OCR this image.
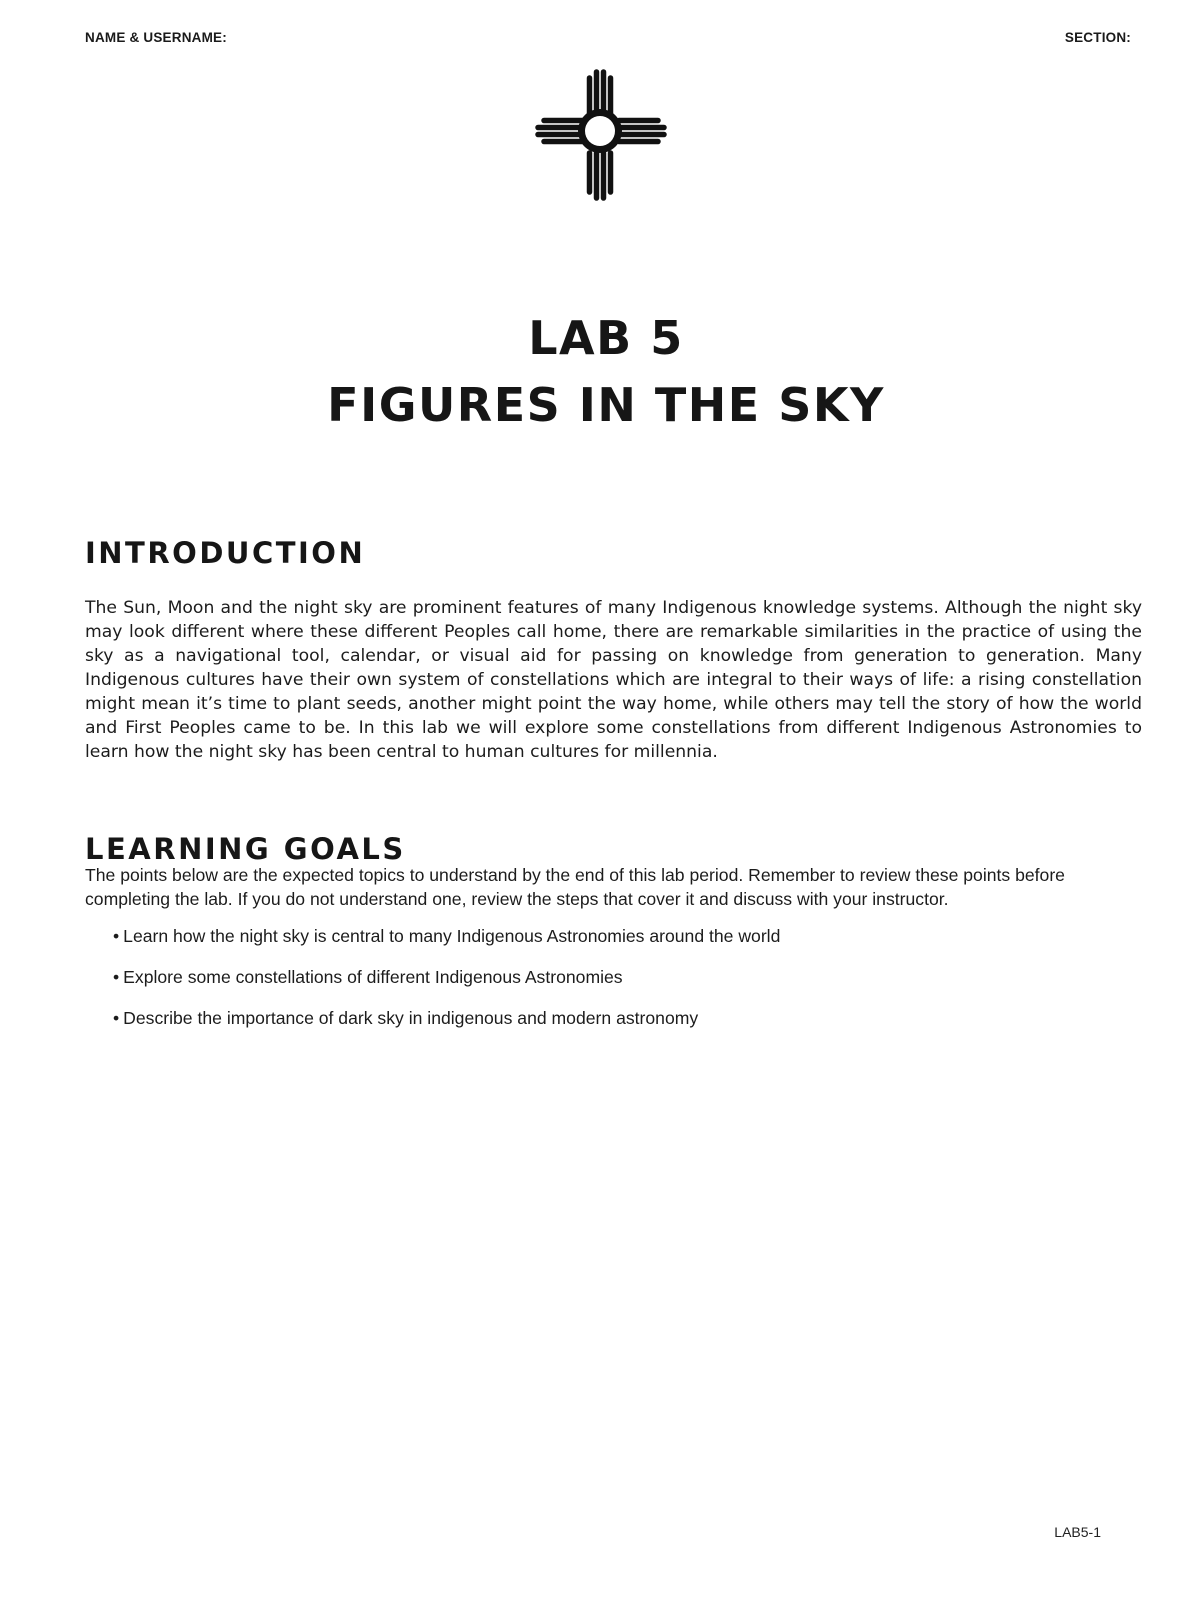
NAME & USERNAME:	SECTION:
LAB 5
FIGURES IN THE SKY
INTRODUCTION

The Sun, Moon and the night sky are prominent features of many Indigenous knowledge systems. Although the night sky may look different where these different Peoples call home, there are remarkable similarities in the practice of using the sky as a navigational tool, calendar, or visual aid for passing on knowledge from generation to generation. Many Indigenous cultures have their own system of constellations which are integral to their ways of life: a rising constellation might mean it’s time to plant seeds, another might point the way home, while others may tell the story of how the world and First Peoples came to be. In this lab we will explore some constellations from different Indigenous Astronomies to learn how the night sky has been central to human cultures for millennia.

LEARNING GOALS

The points below are the expected topics to understand by the end of this lab period. Remember to review these points before completing the lab. If you do not understand one, review the steps that cover it and discuss with your instructor.

• Learn how the night sky is central to many Indigenous Astronomies around the world
• Explore some constellations of different Indigenous Astronomies
• Describe the importance of dark sky in indigenous and modern astronomy
LAB5-1
